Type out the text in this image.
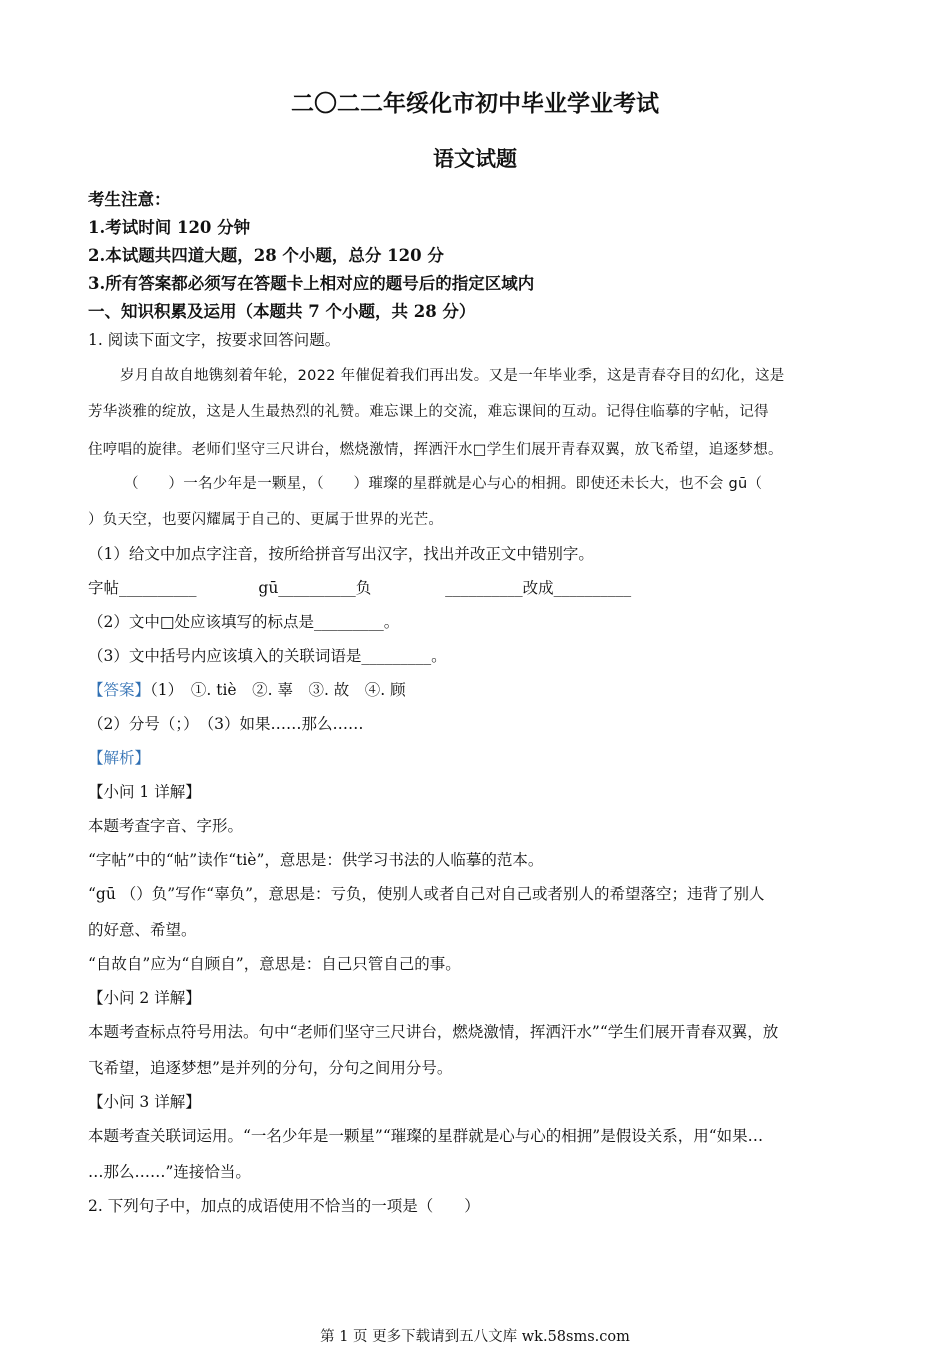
二〇二二年绥化市初中毕业学业考试
语文试题
考生注意：
1.考试时间 120 分钟
2.本试题共四道大题，28 个小题，总分 120 分
3.所有答案都必须写在答题卡上相对应的题号后的指定区域内
一、知识积累及运用（本题共 7 个小题，共 28 分）
1. 阅读下面文字，按要求回答问题。
岁月自故自地镌刻着年轮，2022 年催促着我们再出发。又是一年毕业季，这是青春夺目的幻化，这是
芳华淡雅的绽放，这是人生最热烈的礼赞。难忘课上的交流，难忘课间的互动。记得住临摹的字帖，记得
住哼唱的旋律。老师们坚守三尺讲台，燃烧激情，挥洒汗水□学生们展开青春双翼，放飞希望，追逐梦想。
（　　）一名少年是一颗星，（　　）璀璨的星群就是心与心的相拥。即使还未长大，也不会 gū（
）负天空，也要闪耀属于自己的、更属于世界的光芒。
（1）给文中加点字注音，按所给拼音写出汉字，找出并改正文中错别字。
字帖__________	gū__________负	__________改成__________
（2）文中□处应该填写的标点是_________。
（3）文中括号内应该填入的关联词语是_________。
【答案】（1）　①. tiè　②. 辜　③. 故　④. 顾
（2）分号（；）　（3）如果……那么……
【解析】
【小问 1 详解】
本题考查字音、字形。
“字帖”中的“帖”读作“tiè”，意思是：供学习书法的人临摹的范本。
“gū （）负”写作“辜负”，意思是：亏负，使别人或者自己对自己或者别人的希望落空；违背了别人
的好意、希望。
“自故自”应为“自顾自”，意思是：自己只管自己的事。
【小问 2 详解】
本题考查标点符号用法。句中“老师们坚守三尺讲台，燃烧激情，挥洒汗水”“学生们展开青春双翼，放
飞希望，追逐梦想”是并列的分句，分句之间用分号。
【小问 3 详解】
本题考查关联词运用。“一名少年是一颗星”“璀璨的星群就是心与心的相拥”是假设关系，用“如果…
…那么……”连接恰当。
2. 下列句子中，加点的成语使用不恰当的一项是（　　）
第 1 页 更多下载请到五八文库 wk.58sms.com
